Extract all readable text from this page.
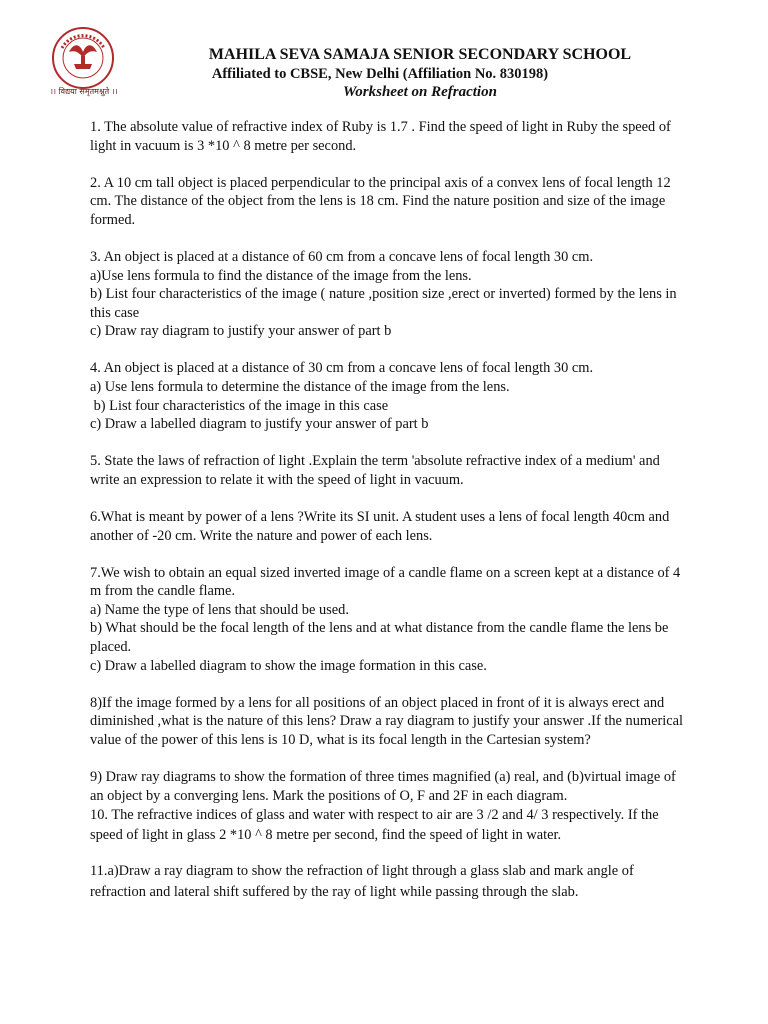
।। विद्यया समृतमश्नुते ।।
MAHILA SEVA SAMAJA SENIOR SECONDARY SCHOOL
Affiliated to CBSE, New Delhi (Affiliation No. 830198)
Worksheet on Refraction

1. The absolute value of refractive index of Ruby is 1.7 . Find the speed of light in Ruby the speed of light in vacuum is 3 *10 ^ 8 metre per second.

2. A 10 cm tall object is placed perpendicular to the principal axis of a convex lens of focal length 12 cm. The distance of the object from the lens is 18 cm. Find the nature position and size of the image formed.

3. An object is placed at a distance of 60 cm from a concave lens of focal length 30 cm.

a)Use lens formula to find the distance of the image from the lens.

b) List four characteristics of the image ( nature ,position size ,erect or inverted) formed by the lens in this case

c) Draw ray diagram to justify your answer of part b

4. An object is placed at a distance of 30 cm from a concave lens of focal length 30 cm.

a) Use lens formula to determine the distance of the image from the lens.

b) List four characteristics of the image in this case

c) Draw a labelled diagram to justify your answer of part b

5. State the laws of refraction of light .Explain the term 'absolute refractive index of a medium' and write an expression to relate it with the speed of light in vacuum.

6.What is meant by power of a lens ?Write its SI unit. A student uses a lens of focal length 40cm and another of -20 cm. Write the nature and power of each lens.

7.We wish to obtain an equal sized inverted image of a candle flame on a screen kept at a distance of 4 m from the candle flame.

a) Name the type of lens that should be used.

b) What should be the focal length of the lens and at what distance from the candle flame the lens be placed.

c) Draw a labelled diagram to show the image formation in this case.

8)If the image formed by a lens for all positions of an object placed in front of it is always erect and diminished ,what is the nature of this lens? Draw a ray diagram to justify your answer .If the numerical value of the power of this lens is 10 D, what is its focal length in the Cartesian system?

9) Draw ray diagrams to show the formation of three times magnified (a) real, and (b)virtual image of an object by a converging lens. Mark the positions of O, F and 2F in each diagram.

10. The refractive indices of glass and water with respect to air are 3 /2 and 4/ 3 respectively. If the speed of light in glass 2 *10 ^ 8 metre per second, find the speed of light in water.

11.a)Draw a ray diagram to show the refraction of light through a glass slab and mark angle of refraction and lateral shift suffered by the ray of light while passing through the slab.
